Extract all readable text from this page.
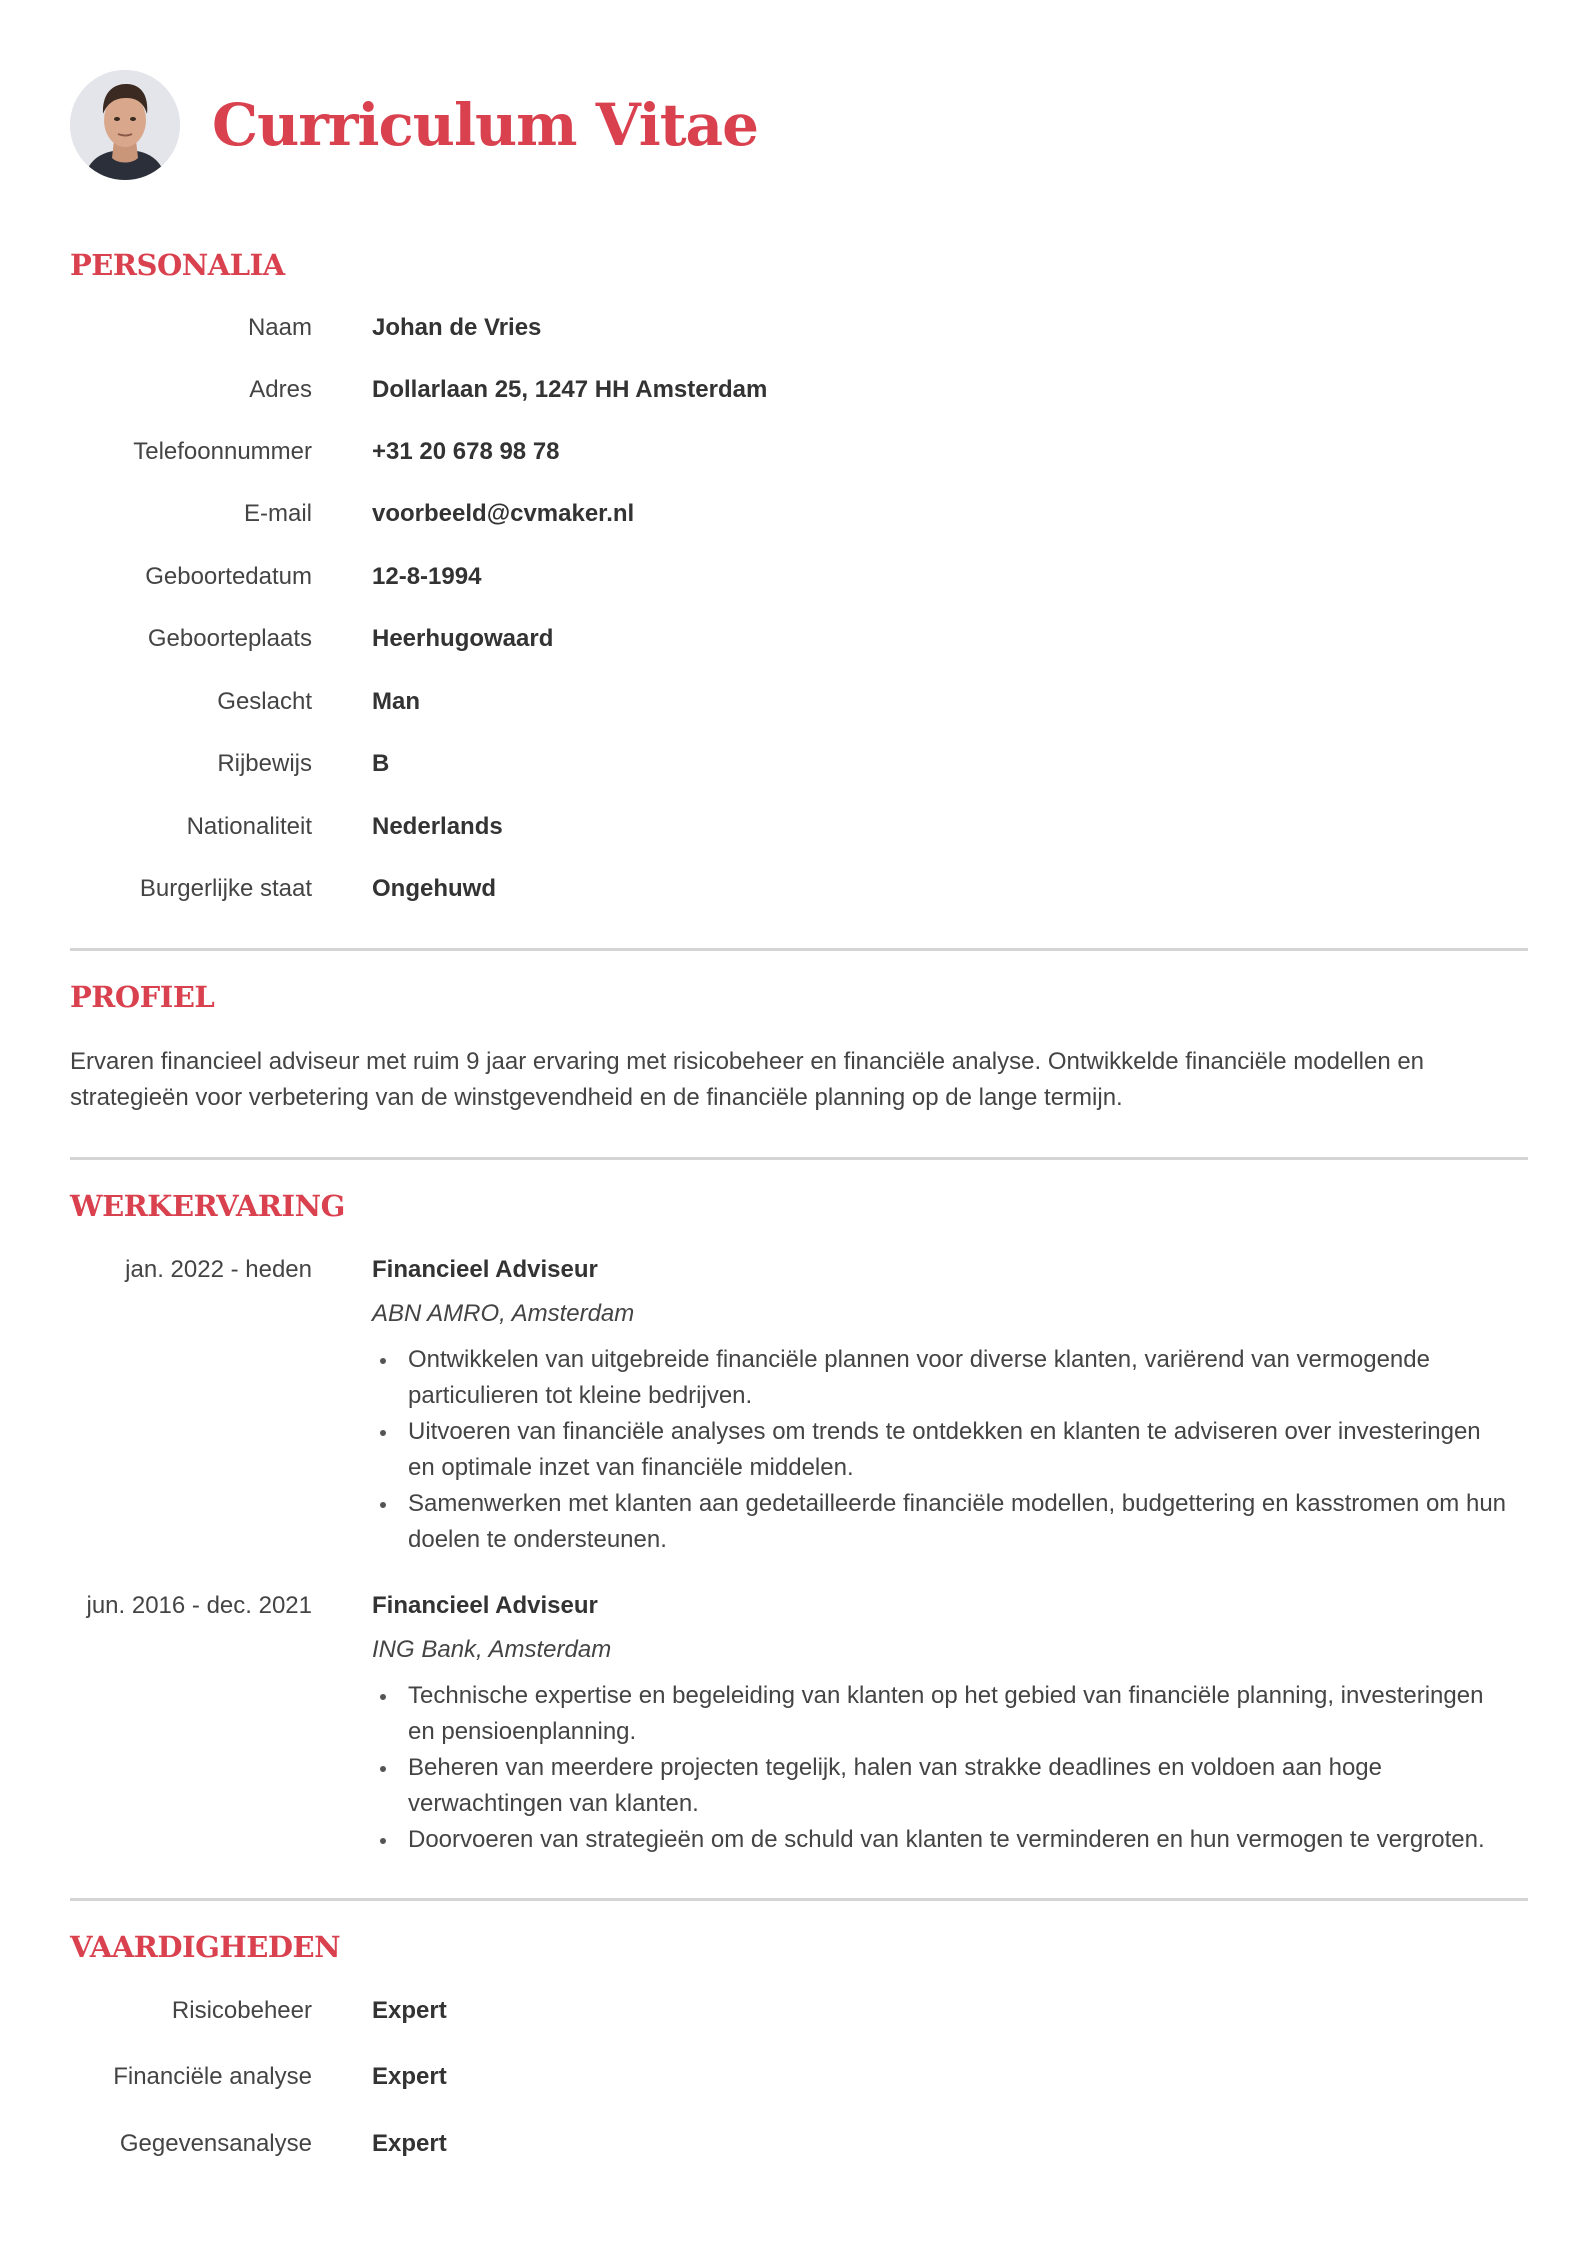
Curriculum Vitae
PERSONALIA
Naam	Johan de Vries
Adres	Dollarlaan 25, 1247 HH Amsterdam
Telefoonnummer	+31 20 678 98 78
E-mail	voorbeeld@cvmaker.nl
Geboortedatum	12-8-1994
Geboorteplaats	Heerhugowaard
Geslacht	Man
Rijbewijs	B
Nationaliteit	Nederlands
Burgerlijke staat	Ongehuwd
PROFIEL
Ervaren financieel adviseur met ruim 9 jaar ervaring met risicobeheer en financiële analyse. Ontwikkelde financiële modellen en strategieën voor verbetering van de winstgevendheid en de financiële planning op de lange termijn.
WERKERVARING
jan. 2022 - heden	Financieel Adviseur
ABN AMRO, Amsterdam
Ontwikkelen van uitgebreide financiële plannen voor diverse klanten, variërend van vermogende particulieren tot kleine bedrijven.
Uitvoeren van financiële analyses om trends te ontdekken en klanten te adviseren over investeringen en optimale inzet van financiële middelen.
Samenwerken met klanten aan gedetailleerde financiële modellen, budgettering en kasstromen om hun doelen te ondersteunen.
jun. 2016 - dec. 2021	Financieel Adviseur
ING Bank, Amsterdam
Technische expertise en begeleiding van klanten op het gebied van financiële planning, investeringen en pensioenplanning.
Beheren van meerdere projecten tegelijk, halen van strakke deadlines en voldoen aan hoge verwachtingen van klanten.
Doorvoeren van strategieën om de schuld van klanten te verminderen en hun vermogen te vergroten.
VAARDIGHEDEN
Risicobeheer	Expert
Financiële analyse	Expert
Gegevensanalyse	Expert
